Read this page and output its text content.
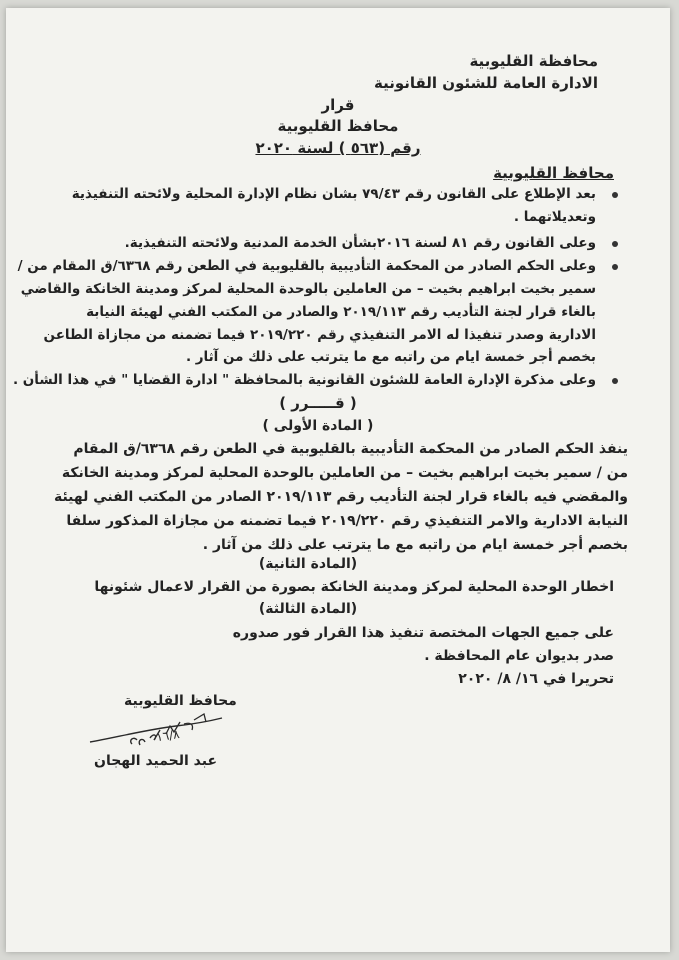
محافظة القليوبية
الادارة العامة للشئون القانونية
قرار
محافظ القليوبية
رقم (٥٦٣ ) لسنة ٢٠٢٠
محافظ القليوبية
بعد الإطلاع على القانون رقم ٧٩/٤٣ بشان نظام الإدارة المحلية ولائحته التنفيذية
وتعديلاتهما .
وعلى القانون رقم ٨١ لسنة ٢٠١٦بشأن الخدمة المدنية ولائحته التنفيذية.
وعلى الحكم الصادر من المحكمة التأديبية بالقليوبية في الطعن رقم ٦٣٦٨/ق المقام من /
سمير بخيت ابراهيم بخيت – من العاملين بالوحدة المحلية لمركز ومدينة الخانكة والقاضي
بالغاء قرار لجنة التأديب رقم ٢٠١٩/١١٣ والصادر من المكتب الفني لهيئة النيابة
الادارية وصدر تنفيذا له الامر التنفيذي رقم ٢٠١٩/٢٢٠ فيما تضمنه من مجازاة الطاعن
بخصم أجر خمسة ايام من راتبه مع ما يترتب على ذلك من آثار .
وعلى مذكرة الإدارة العامة للشئون القانونية بالمحافظة " ادارة القضايا " في هذا الشأن .
( قـــــرر )
( المادة الأولى )
ينفذ الحكم الصادر من المحكمة التأديبية بالقليوبية في الطعن رقم ٦٣٦٨/ق المقام
من / سمير بخيت ابراهيم بخيت – من العاملين بالوحدة المحلية لمركز ومدينة الخانكة
والمقضي فيه بالغاء قرار لجنة التأديب رقم ٢٠١٩/١١٣ الصادر من المكتب الفني لهيئة
النيابة الادارية والامر التنفيذي رقم ٢٠١٩/٢٢٠ فيما تضمنه من مجازاة المذكور سلفا
بخصم أجر خمسة ايام من راتبه مع ما يترتب على ذلك من آثار .
(المادة الثانية)
اخطار الوحدة المحلية لمركز ومدينة الخانكة بصورة من القرار لاعمال شئونها
(المادة الثالثة)
على جميع الجهات المختصة تنفيذ هذا القرار فور صدوره
صدر بديوان عام المحافظة .
تحريرا في ١٦/ ٨/ ٢٠٢٠
محافظ القليوبية
١٦/٨
عبد الحميد الهجان
